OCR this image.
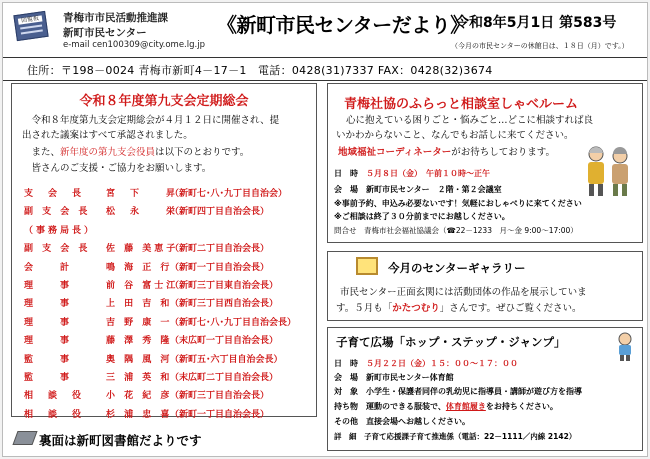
回覧板 青梅市市民活動推進課
新町市民センター
e-mail cen100309@city.ome.lg.jp
《新町市民センターだより》
令和8年5月1日 第583号
（今月の市民センターの休館日は、１８日（月）です。）
住所：〒198－0024 青梅市新町4－17－1　電話：0428(31)7337 FAX：0428(32)3674
令和８年度第九支会定期総会
　令和８年度第九支会定期総会が４月１２日に開催され、提
出された議案はすべて承認されました。
　また、新年度の第九支会役員は以下のとおりです。
　皆さんのご支援・ご協力をお願いします。
支　会　長	宮　下　　昇
（新町七･八･九丁目自治会）
副 支 会 長	松　永　　栄
（新町四丁目自治会長）
（事務局長）
副 支 会 長	佐 藤 美恵子
（新町二丁目自治会長）
会　　計	鳴 海 正 行
（新町一丁目自治会長）
理　　事	前 谷 富士江
（新町三丁目東自治会長）
理　　事	上 田 吉 和
（新町三丁目西自治会長）
理　　事	吉 野 康 一
（新町七･八･九丁目自治会長）
理　　事	藤 澤 秀 隆
（末広町一丁目自治会長）
監　　事	奥 隅 風 河
（新町五･六丁目自治会長）
監　　事	三 浦 英 和
（末広町二丁目自治会長）
相　談　役	小 花 紀 彦
（新町三丁目自治会長）
相　談　役	杉 浦 忠 喜
（新町一丁目自治会長）
裏面は新町図書館だよりです
青梅社協のふらっと相談室しゃベルーム
心に抱えている困りごと・悩みごと…どこに相談すれば良
いかわからないこと、なんでもお話しに来てください。
地域福祉コーディネーターがお待ちしております。
日　時　 ５月８日（金）　午前１０時～正午
会　場　 新町市民センター　２階・第２会議室
※事前予約、申込み必要ないです！気軽におしゃべりに来てください
※ご相談は終了３０分前までにお越しください。
問合せ　 青梅市社会福祉協議会（☎22－1233　月～金 9:00～17:00）
今月のセンターギャラリー
市民センター正面玄関には活動団体の作品を展示していま
す。５月も「かたつむり」さんです。ぜひご覧ください。
子育て広場「ホップ・ステップ・ジャンプ」
日　時　 ５月２２日（金）１５：００～１７：００
会　場　 新町市民センター体育館
対　象　 小学生・保護者同伴の乳幼児に指導員・講師が遊び方を指導
持ち物　 運動のできる服装で、体育館履きをお持ちください。
その他　 直接会場へお越しください。
詳　細　 子育て応援課子育て推進係（電話：22－1111／内線 2142）
